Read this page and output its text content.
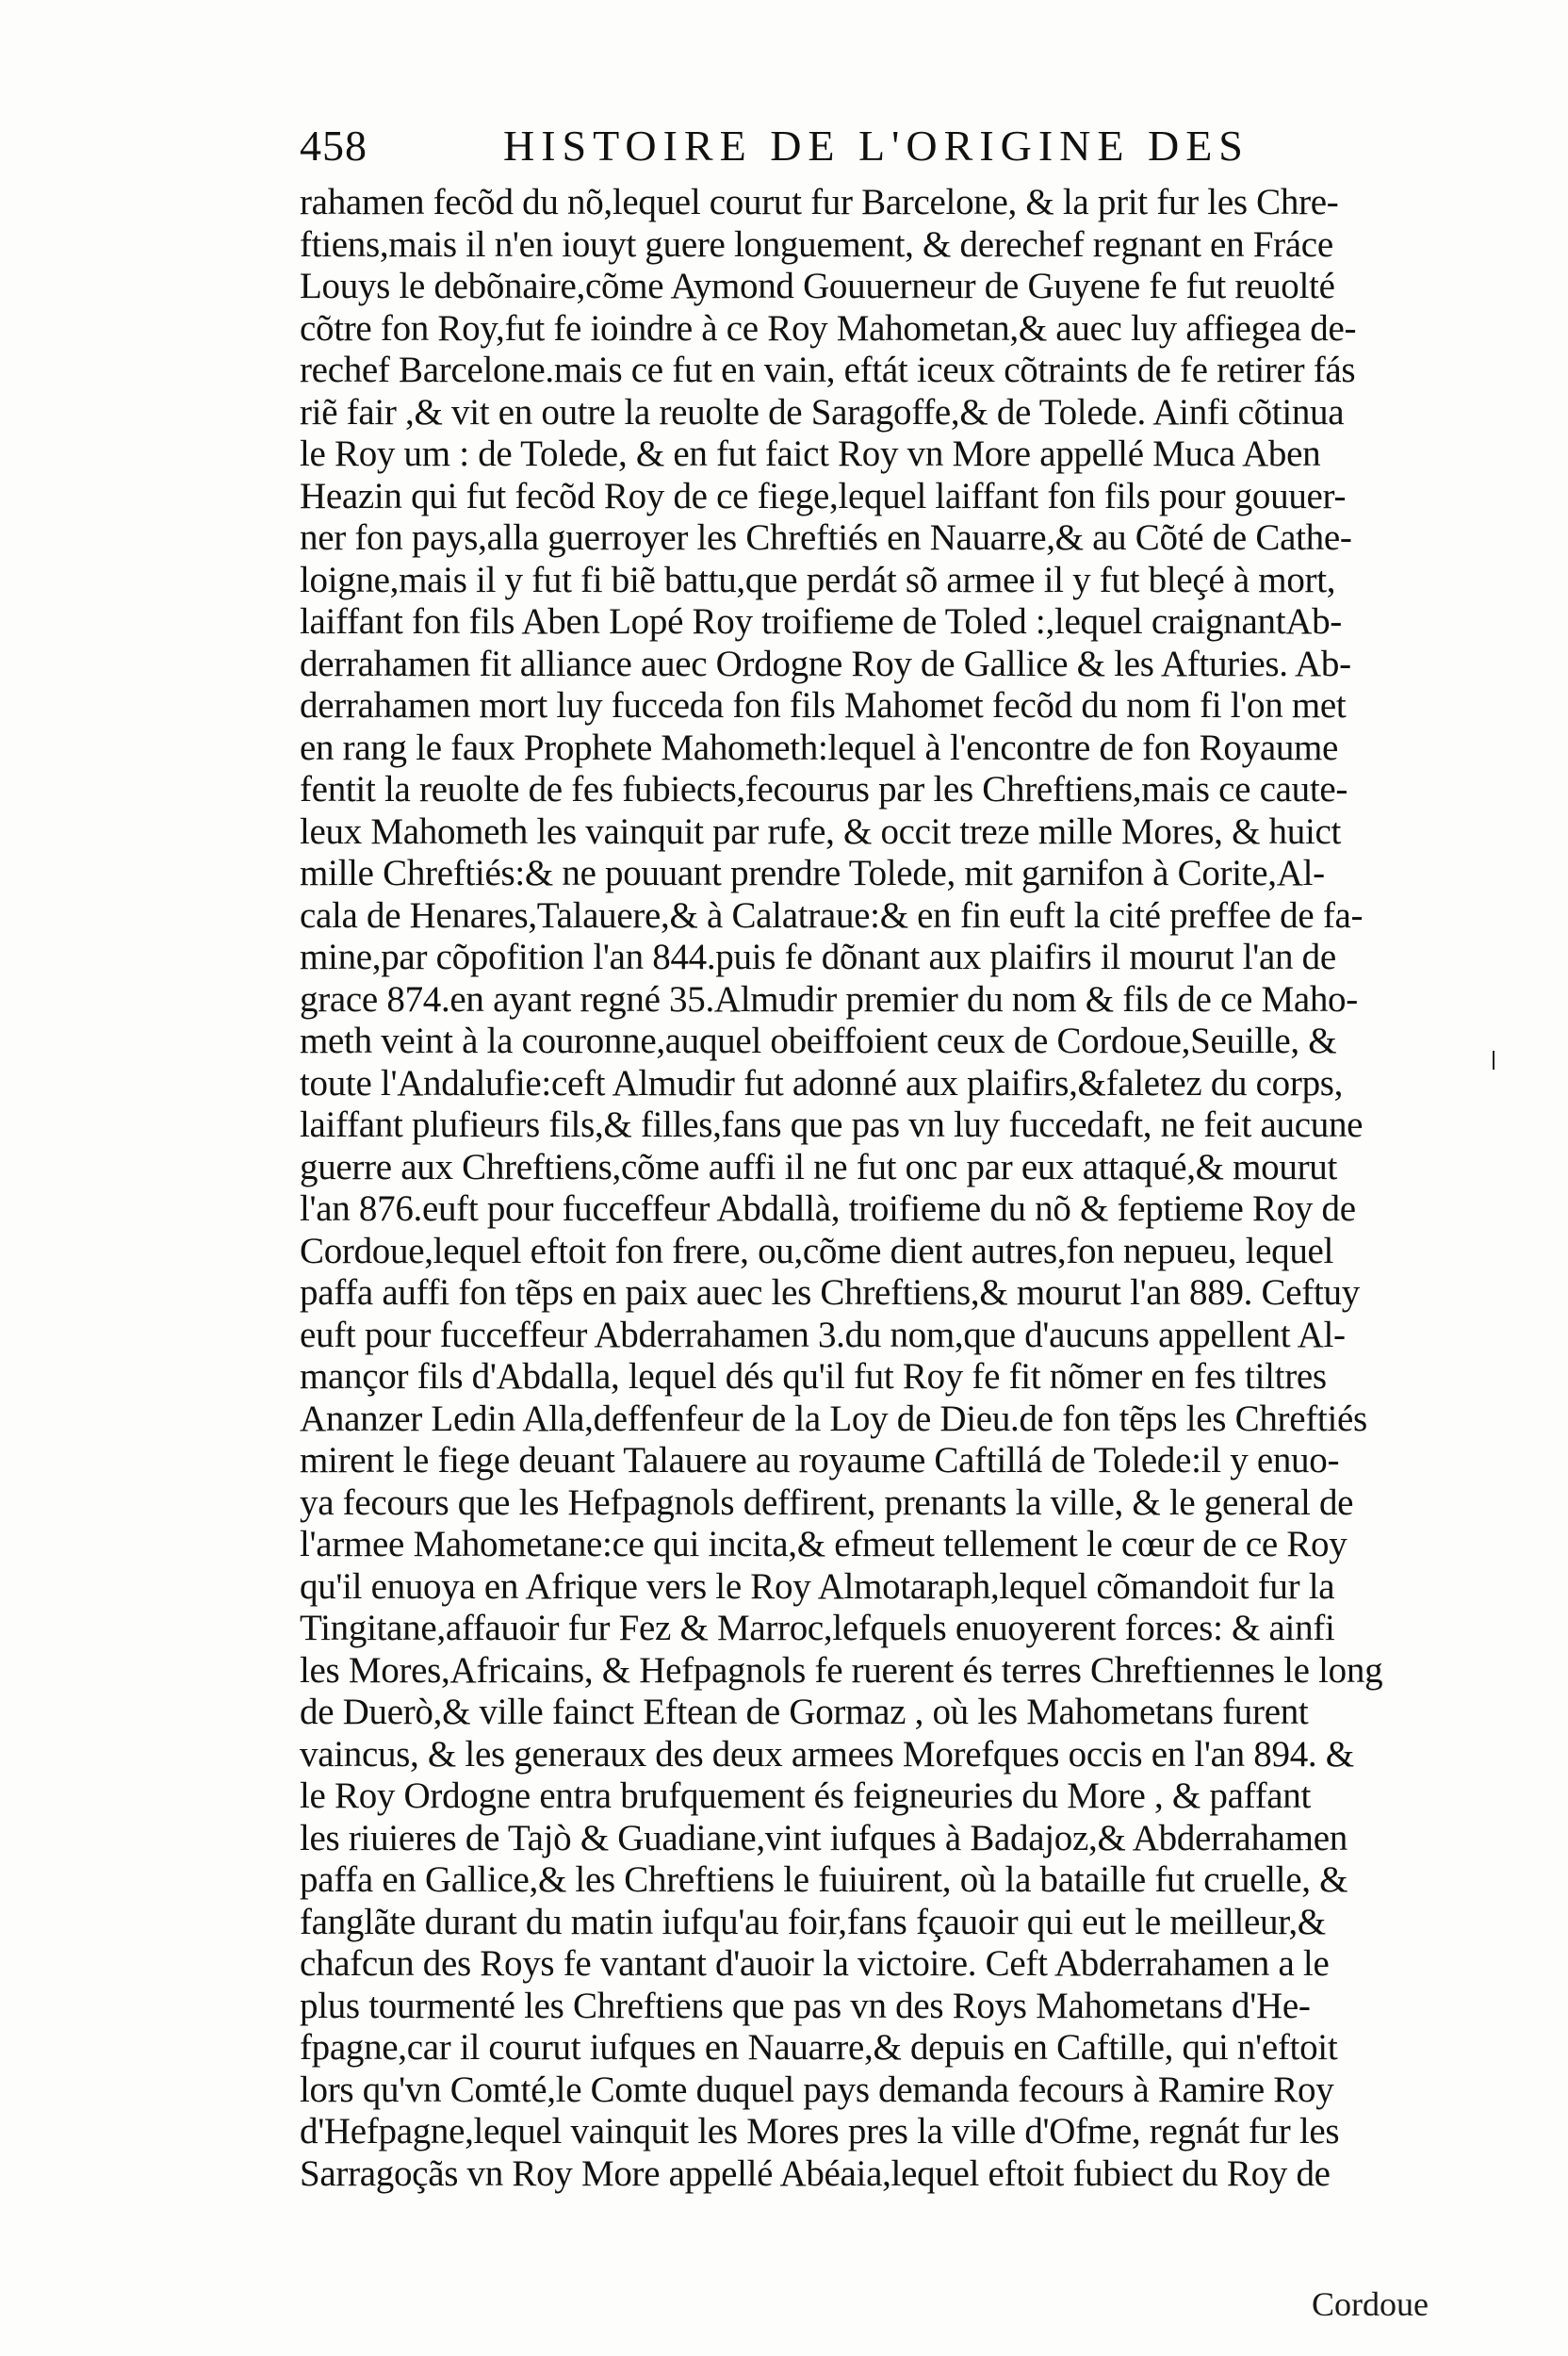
458	HISTOIRE DE L'ORIGINE DES
rahamen fecõd du nõ,lequel courut fur Barcelone, & la prit fur les Chre-
ftiens,mais il n'en iouyt guere longuement, & derechef regnant en Fráce
Louys le debõnaire,cõme Aymond Gouuerneur de Guyene fe fut reuolté
cõtre fon Roy,fut fe ioindre à ce Roy Mahometan,& auec luy affiegea de-
rechef Barcelone.mais ce fut en vain, eftát iceux cõtraints de fe retirer fás
riẽ fair ,& vit en outre la reuolte de Saragoffe,& de Tolede. Ainfi cõtinua
le Roy um : de Tolede, & en fut faict Roy vn More appellé Muca Aben
Heazin qui fut fecõd Roy de ce fiege,lequel laiffant fon fils pour gouuer-
ner fon pays,alla guerroyer les Chreftiés en Nauarre,& au Cõté de Cathe-
loigne,mais il y fut fi biẽ battu,que perdát sõ armee il y fut bleçé à mort,
laiffant fon fils Aben Lopé Roy troifieme de Toled :,lequel craignantAb-
derrahamen fit alliance auec Ordogne Roy de Gallice & les Afturies. Ab-
derrahamen mort luy fucceda fon fils Mahomet fecõd du nom fi l'on met
en rang le faux Prophete Mahometh:lequel à l'encontre de fon Royaume
fentit la reuolte de fes fubiects,fecourus par les Chreftiens,mais ce caute-
leux Mahometh les vainquit par rufe, & occit treze mille Mores, & huict
mille Chreftiés:& ne pouuant prendre Tolede, mit garnifon à Corite,Al-
cala de Henares,Talauere,& à Calatraue:& en fin euft la cité preffee de fa-
mine,par cõpofition l'an 844.puis fe dõnant aux plaifirs il mourut l'an de
grace 874.en ayant regné 35.Almudir premier du nom & fils de ce Maho-
meth veint à la couronne,auquel obeiffoient ceux de Cordoue,Seuille, &
toute l'Andalufie:ceft Almudir fut adonné aux plaifirs,&faletez du corps,
laiffant plufieurs fils,& filles,fans que pas vn luy fuccedaft, ne feit aucune
guerre aux Chreftiens,cõme auffi il ne fut onc par eux attaqué,& mourut
l'an 876.euft pour fucceffeur Abdallà, troifieme du nõ & feptieme Roy de
Cordoue,lequel eftoit fon frere, ou,cõme dient autres,fon nepueu, lequel
paffa auffi fon tẽps en paix auec les Chreftiens,& mourut l'an 889. Ceftuy
euft pour fucceffeur Abderrahamen 3.du nom,que d'aucuns appellent Al-
mançor fils d'Abdalla, lequel dés qu'il fut Roy fe fit nõmer en fes tiltres
Ananzer Ledin Alla,deffenfeur de la Loy de Dieu.de fon tẽps les Chreftiés
mirent le fiege deuant Talauere au royaume Caftillá de Tolede:il y enuo-
ya fecours que les Hefpagnols deffirent, prenants la ville, & le general de
l'armee Mahometane:ce qui incita,& efmeut tellement le cœur de ce Roy
qu'il enuoya en Afrique vers le Roy Almotaraph,lequel cõmandoit fur la
Tingitane,affauoir fur Fez & Marroc,lefquels enuoyerent forces: & ainfi
les Mores,Africains, & Hefpagnols fe ruerent és terres Chreftiennes le long
de Duerò,& ville fainct Eftean de Gormaz , où les Mahometans furent
vaincus, & les generaux des deux armees Morefques occis en l'an 894. &
le Roy Ordogne entra brufquement és feigneuries du More , & paffant
les riuieres de Tajò & Guadiane,vint iufques à Badajoz,& Abderrahamen
paffa en Gallice,& les Chreftiens le fuiuirent, où la bataille fut cruelle, &
fanglãte durant du matin iufqu'au foir,fans fçauoir qui eut le meilleur,&
chafcun des Roys fe vantant d'auoir la victoire. Ceft Abderrahamen a le
plus tourmenté les Chreftiens que pas vn des Roys Mahometans d'He-
fpagne,car il courut iufques en Nauarre,& depuis en Caftille, qui n'eftoit
lors qu'vn Comté,le Comte duquel pays demanda fecours à Ramire Roy
d'Hefpagne,lequel vainquit les Mores pres la ville d'Ofme, regnát fur les
Sarragoçãs vn Roy More appellé Abéaia,lequel eftoit fubiect du Roy de
Cordoue
